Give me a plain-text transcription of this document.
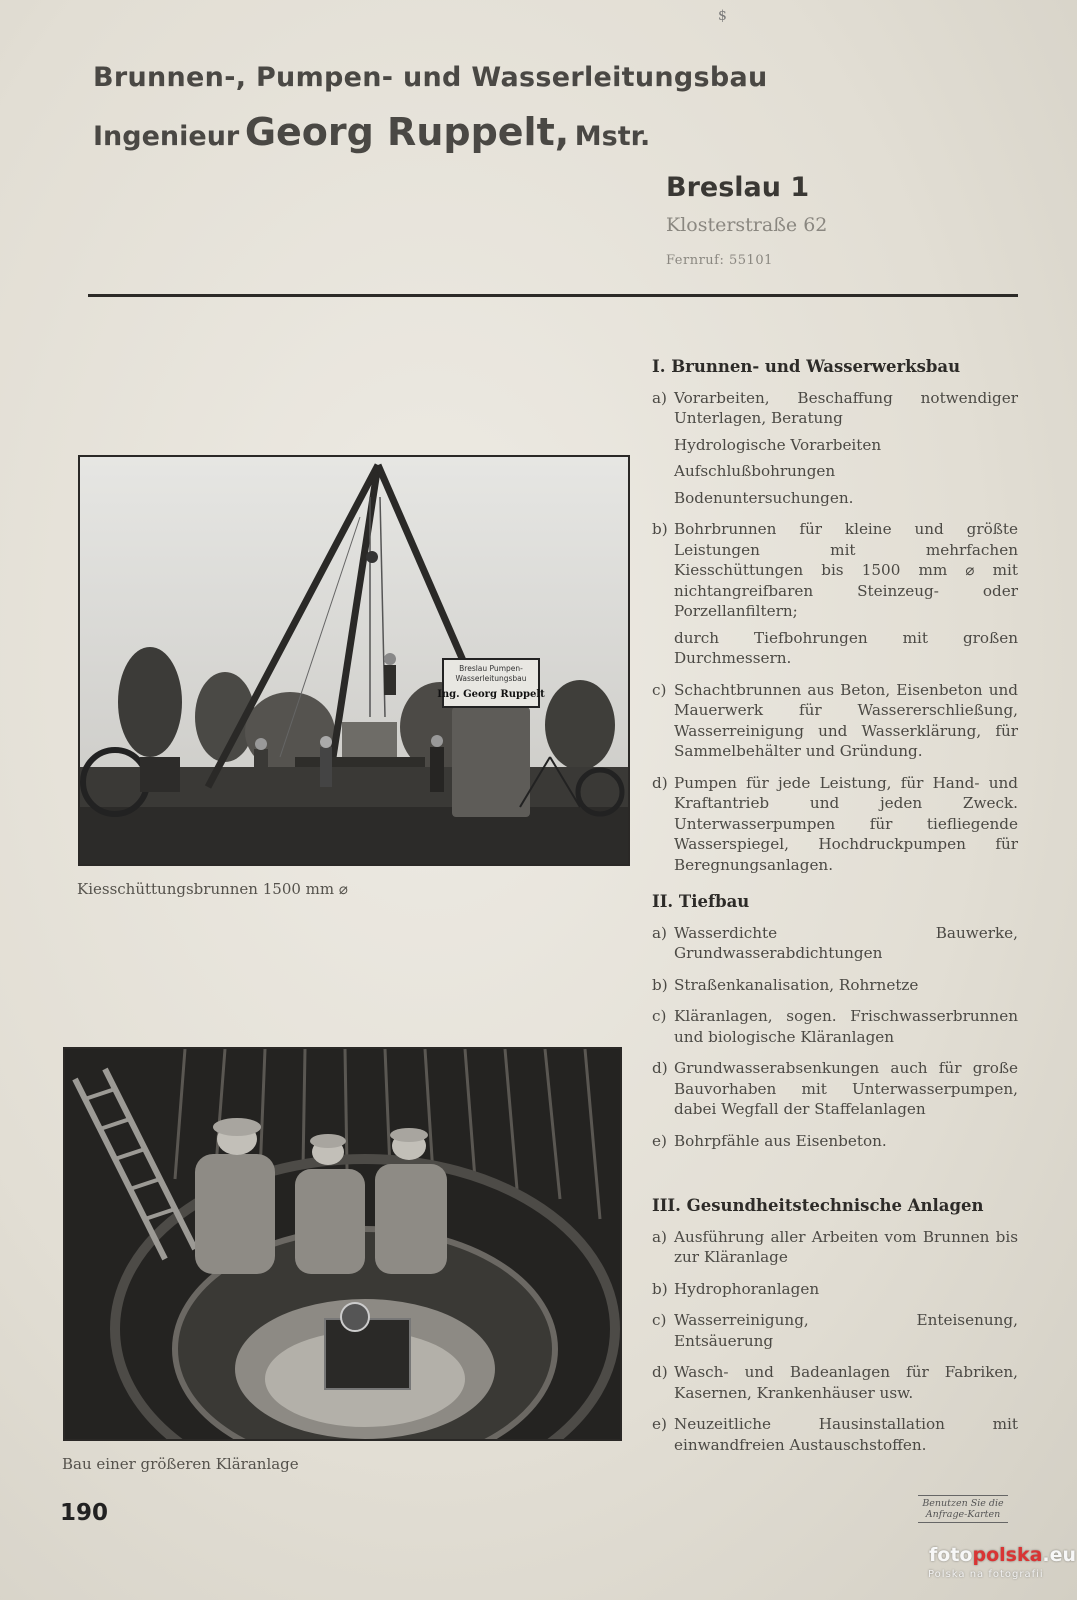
$
Brunnen-, Pumpen- und Wasserleitungsbau
Ingenieur Georg Ruppelt, Mstr.
Breslau 1
Klosterstraße 62
Fernruf: 55101
Breslau Pumpen-
Wasserleitungsbau
Ing. Georg Ruppelt
Kiesschüttungsbrunnen 1500 mm ⌀
Bau einer größeren Kläranlage
I. Brunnen- und Wasserwerksbau
a) Vorarbeiten, Beschaffung notwendiger Unterlagen, Beratung
Hydrologische Vorarbeiten
Aufschlußbohrungen
Bodenuntersuchungen.
b) Bohrbrunnen für kleine und größte Leistungen mit mehrfachen Kiesschüttungen bis 1500 mm ⌀ mit nichtangreifbaren Steinzeug- oder Porzellanfiltern;
durch Tiefbohrungen mit großen Durchmessern.
c) Schachtbrunnen aus Beton, Eisenbeton und Mauerwerk für Wassererschließung, Wasserreinigung und Wasserklärung, für Sammelbehälter und Gründung.
d) Pumpen für jede Leistung, für Hand- und Kraftantrieb und jeden Zweck. Unterwasserpumpen für tiefliegende Wasserspiegel, Hochdruckpumpen für Beregnungsanlagen.
II. Tiefbau
a) Wasserdichte Bauwerke, Grundwasserabdichtungen
b) Straßenkanalisation, Rohrnetze
c) Kläranlagen, sogen. Frischwasserbrunnen und biologische Kläranlagen
d) Grundwasserabsenkungen auch für große Bauvorhaben mit Unterwasserpumpen, dabei Wegfall der Staffelanlagen
e) Bohrpfähle aus Eisenbeton.
III. Gesundheitstechnische Anlagen
a) Ausführung aller Arbeiten vom Brunnen bis zur Kläranlage
b) Hydrophoranlagen
c) Wasserreinigung, Enteisenung, Entsäuerung
d) Wasch- und Badeanlagen für Fabriken, Kasernen, Krankenhäuser usw.
e) Neuzeitliche Hausinstallation mit einwandfreien Austauschstoffen.
190	Benutzen Sie die
Anfrage-Karten
fotopolska.eu
Polska na fotografii
